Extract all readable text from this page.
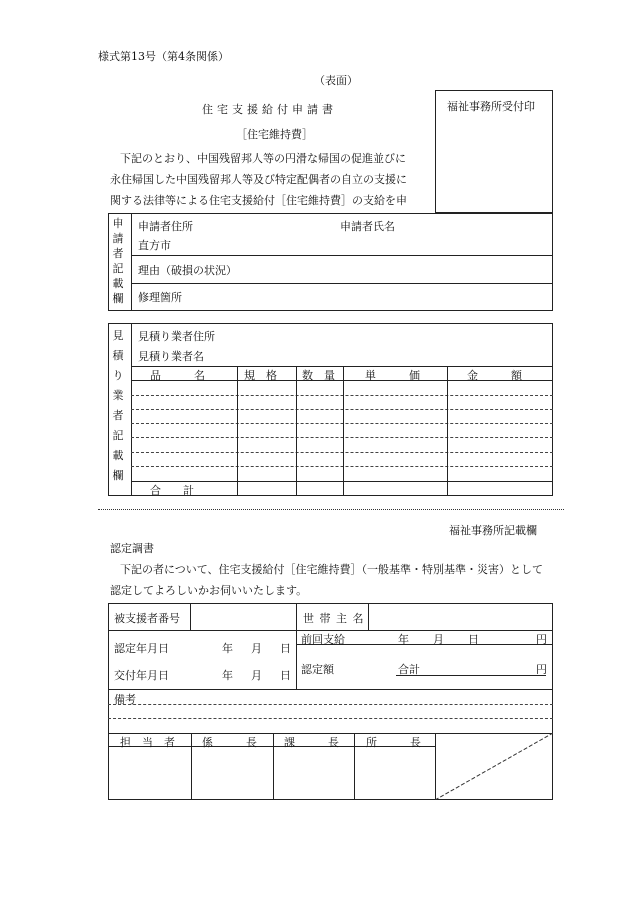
様式第13号（第4条関係）
（表面）
住宅支援給付申請書
［住宅維持費］
下記のとおり、中国残留邦人等の円滑な帰国の促進並びに
永住帰国した中国残留邦人等及び特定配偶者の自立の支援に
関する法律等による住宅支援給付［住宅維持費］の支給を申
福祉事務所受付印
申
請
者
記
載
欄
申請者住所	申請者氏名
直方市
理由（破損の状況）
修理箇所
見
積
り
業
者
記
載
欄
見積り業者住所
見積り業者名
品　　　名	規　格 数　量	単　　　価	金　　　額
合　　計
福祉事務所記載欄
認定調書
下記の者について、住宅支援給付［住宅維持費］（一般基準・特別基準・災害）として
認定してよろしいかお伺いいたします。
被支援者番号	世 帯 主 名
認定年月日	年 月 日
交付年月日	年 月 日
前回支給	年 月 日	円
認定額	合計	円
備考
担　当　者 係　　　長 課　　　長 所　　　長
